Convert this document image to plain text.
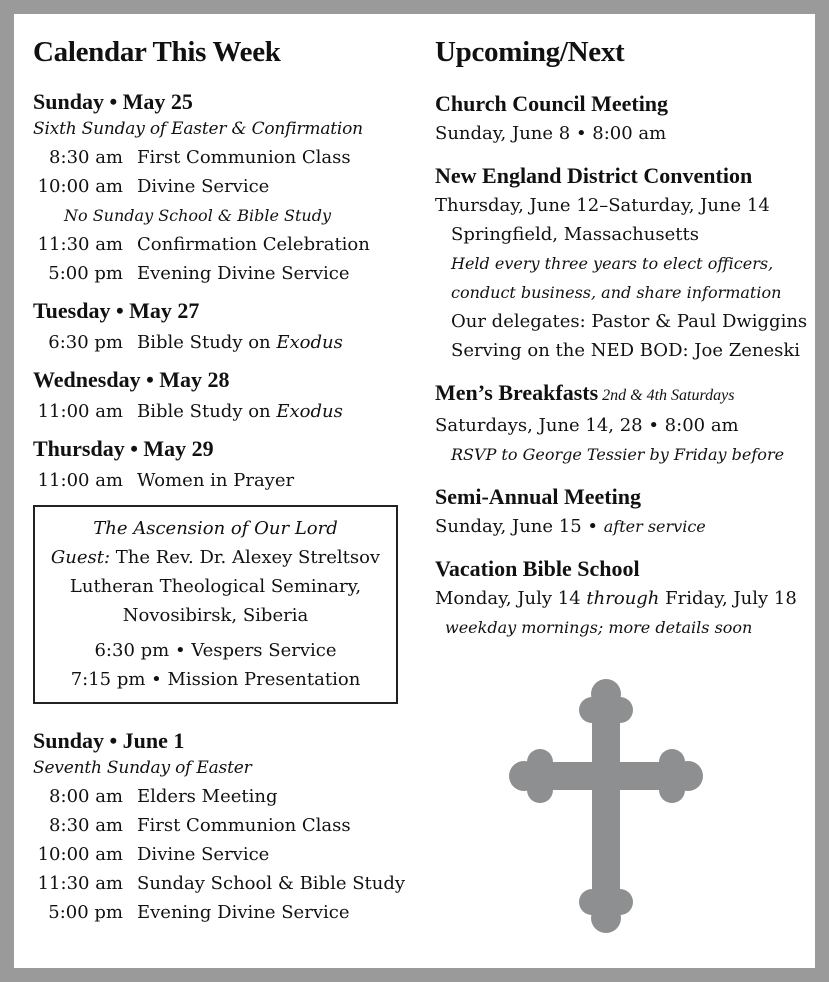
Calendar This Week
Sunday • May 25
Sixth Sunday of Easter & Confirmation
8:30 am First Communion Class
10:00 am Divine Service
No Sunday School & Bible Study
11:30 am Confirmation Celebration
5:00 pm Evening Divine Service
Tuesday • May 27
6:30 pm Bible Study on Exodus
Wednesday • May 28
11:00 am Bible Study on Exodus
Thursday • May 29
11:00 am Women in Prayer
The Ascension of Our Lord
Guest: The Rev. Dr. Alexey Streltsov
Lutheran Theological Seminary,
Novosibirsk, Siberia
6:30 pm • Vespers Service
7:15 pm • Mission Presentation
Sunday • June 1
Seventh Sunday of Easter
8:00 am Elders Meeting
8:30 am First Communion Class
10:00 am Divine Service
11:30 am Sunday School & Bible Study
5:00 pm Evening Divine Service
Upcoming/Next
Church Council Meeting
Sunday, June 8 • 8:00 am
New England District Convention
Thursday, June 12–Saturday, June 14
Springfield, Massachusetts
Held every three years to elect officers,
conduct business, and share information
Our delegates: Pastor & Paul Dwiggins
Serving on the NED BOD: Joe Zeneski
Men’s Breakfasts 2nd & 4th Saturdays
Saturdays, June 14, 28 • 8:00 am
RSVP to George Tessier by Friday before
Semi-Annual Meeting
Sunday, June 15 • after service
Vacation Bible School
Monday, July 14 through Friday, July 18
weekday mornings; more details soon
